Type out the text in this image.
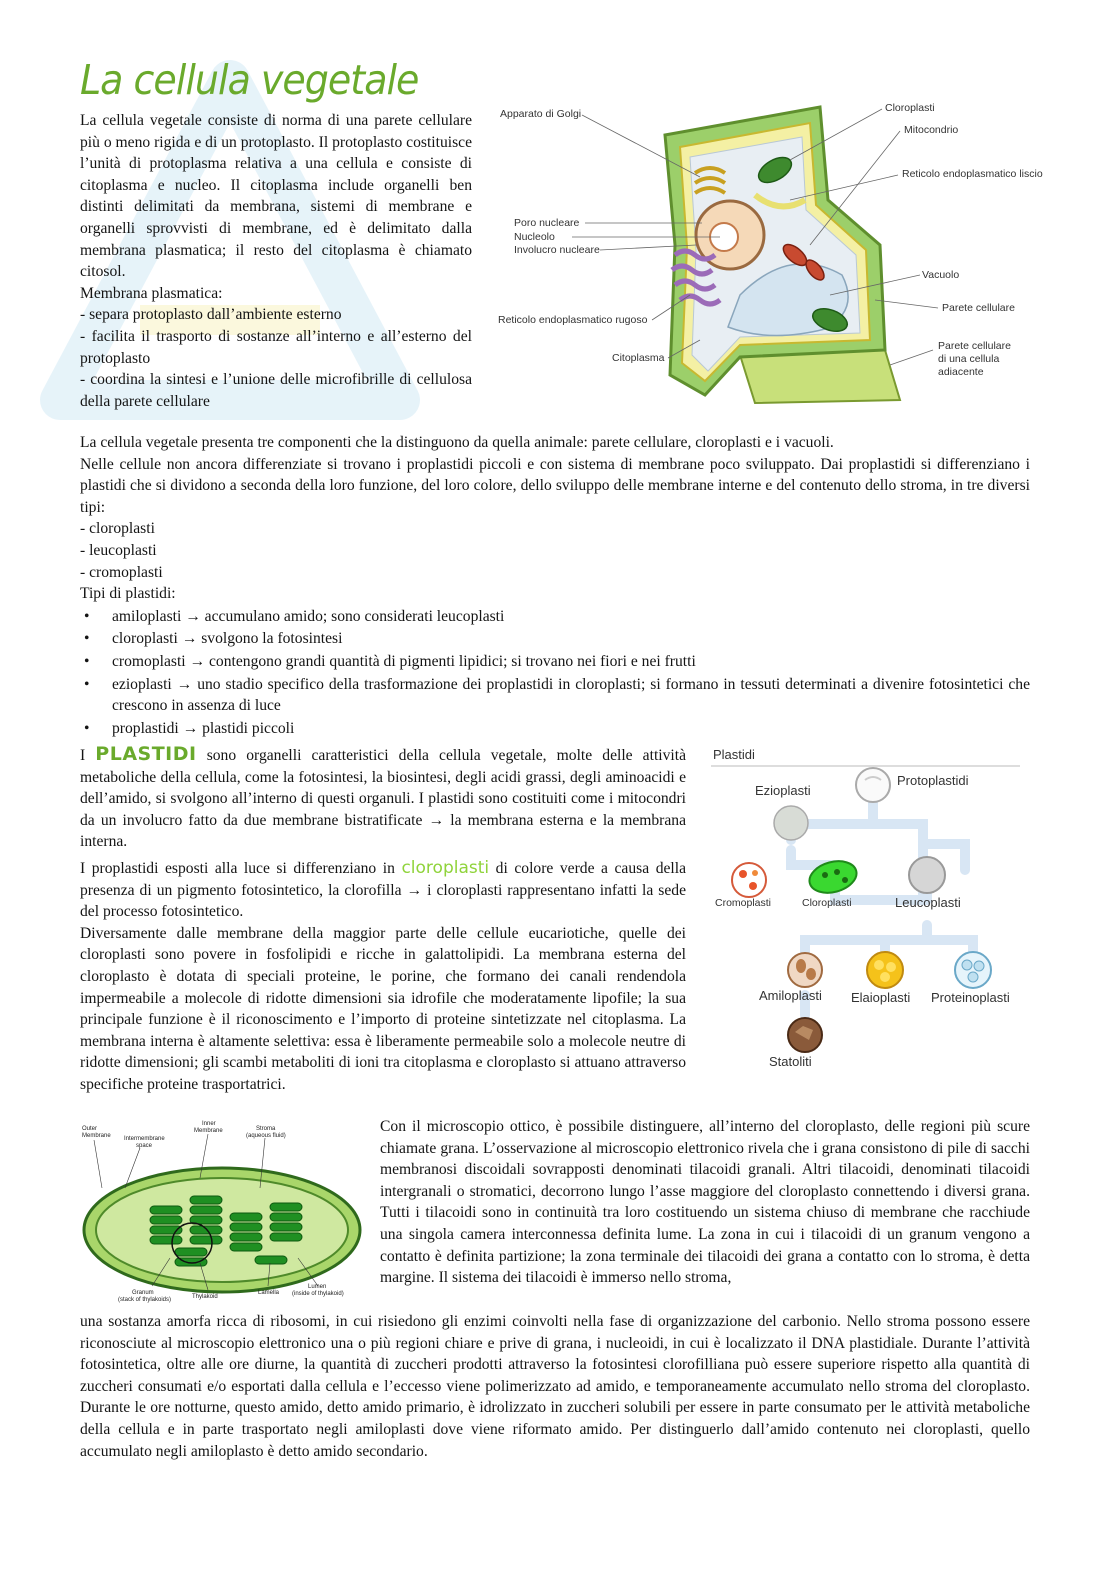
La cellula vegetale

La cellula vegetale consiste di norma di una parete cellulare più o meno rigida e di un protoplasto. Il protoplasto costituisce l’unità di protoplasma relativa a una cellula e consiste di citoplasma e nucleo. Il citoplasma include organelli ben distinti delimitati da membrana, sistemi di membrane e organelli sprovvisti di membrane, ed è delimitato dalla membrana plasmatica; il resto del citoplasma è chiamato citosol.

Membrana plasmatica:

- separa protoplasto dall’ambiente esterno

- facilita il trasporto di sostanze all’interno e all’esterno del protoplasto

- coordina la sintesi e l’unione delle microfibrille di cellulosa della parete cellulare

Apparato di Golgi	Cloroplasti
Mitocondrio
Reticolo endoplasmatico liscio
Poro nucleare
Nucleolo
Involucro nucleare
Vacuolo
Parete cellulare
Parete cellulare
di una cellula
adiacente
Reticolo endoplasmatico rugoso
Citoplasma

La cellula vegetale presenta tre componenti che la distinguono da quella animale: parete cellulare, cloroplasti e i vacuoli.

Nelle cellule non ancora differenziate si trovano i proplastidi piccoli e con sistema di membrane poco sviluppato. Dai proplastidi si differenziano i plastidi che si dividono a seconda della loro funzione, del loro colore, dello sviluppo delle membrane interne e del contenuto dello stroma, in tre diversi tipi:

- cloroplasti

- leucoplasti

- cromoplasti

Tipi di plastidi:

• amiloplasti → accumulano amido; sono considerati leucoplasti
• cloroplasti → svolgono la fotosintesi
• cromoplasti → contengono grandi quantità di pigmenti lipidici; si trovano nei fiori e nei frutti
• ezioplasti → uno stadio specifico della trasformazione dei proplastidi in cloroplasti; si formano in tessuti determinati a divenire fotosintetici che crescono in assenza di luce
• proplastidi → plastidi piccoli

I PLASTIDI sono organelli caratteristici della cellula vegetale, molte delle attività metaboliche della cellula, come la fotosintesi, la biosintesi, degli acidi grassi, degli aminoacidi e dell’amido, si svolgono all’interno di questi organuli. I plastidi sono costituiti come i mitocondri da un involucro fatto da due membrane bistratificate → la membrana esterna e la membrana interna.

I proplastidi esposti alla luce si differenziano in cloroplasti di colore verde a causa della presenza di un pigmento fotosintetico, la clorofilla → i cloroplasti rappresentano infatti la sede del processo fotosintetico.

Diversamente dalle membrane della maggior parte delle cellule eucariotiche, quelle dei cloroplasti sono povere in fosfolipidi e ricche in galattolipidi. La membrana esterna del cloroplasto è dotata di speciali proteine, le porine, che formano dei canali rendendola impermeabile a molecole di ridotte dimensioni sia idrofile che moderatamente lipofile; la sua principale funzione è il riconoscimento e l’importo di proteine sintetizzate nel citoplasma. La membrana interna è altamente selettiva: essa è liberamente permeabile solo a molecole neutre di ridotte dimensioni; gli scambi metaboliti di ioni tra citoplasma e cloroplasto si attuano attraverso specifiche proteine trasportatrici.

Plastidi
Protoplastidi
Ezioplasti
Cromoplasti	Cloroplasti	Leucoplasti
Amiloplasti Elaioplasti Proteinoplasti
Statoliti
Outer
Membrane Intermembrane
space
Inner
Membrane	Stroma
(aqueous fluid)
Granum
(stack of thylakoids)	Thylakoid
Lamella
Lumen
(inside of thylakoid)

Con il microscopio ottico, è possibile distinguere, all’interno del cloroplasto, delle regioni più scure chiamate grana. L’osservazione al microscopio elettronico rivela che i grana consistono di pile di sacchi membranosi discoidali sovrapposti denominati tilacoidi granali. Altri tilacoidi, denominati tilacoidi intergranali o stromatici, decorrono lungo l’asse maggiore del cloroplasto connettendo i diversi grana. Tutti i tilacoidi sono in continuità tra loro costituendo un sistema chiuso di membrane che racchiude una singola camera interconnessa definita lume. La zona in cui i tilacoidi di un granum vengono a contatto è definita partizione; la zona terminale dei tilacoidi dei grana a contatto con lo stroma, è detta margine. Il sistema dei tilacoidi è immerso nello stroma,

una sostanza amorfa ricca di ribosomi, in cui risiedono gli enzimi coinvolti nella fase di organizzazione del carbonio. Nello stroma possono essere riconosciute al microscopio elettronico una o più regioni chiare e prive di grana, i nucleoidi, in cui è localizzato il DNA plastidiale. Durante l’attività fotosintetica, oltre alle ore diurne, la quantità di zuccheri prodotti attraverso la fotosintesi clorofilliana può essere superiore rispetto alla quantità di zuccheri consumati e/o esportati dalla cellula e l’eccesso viene polimerizzato ad amido, e temporaneamente accumulato nello stroma del cloroplasto. Durante le ore notturne, questo amido, detto amido primario, è idrolizzato in zuccheri solubili per essere in parte consumato per le attività metaboliche della cellula e in parte trasportato negli amiloplasti dove viene riformato amido. Per distinguerlo dall’amido contenuto nei cloroplasti, quello accumulato negli amiloplasto è detto amido secondario.
